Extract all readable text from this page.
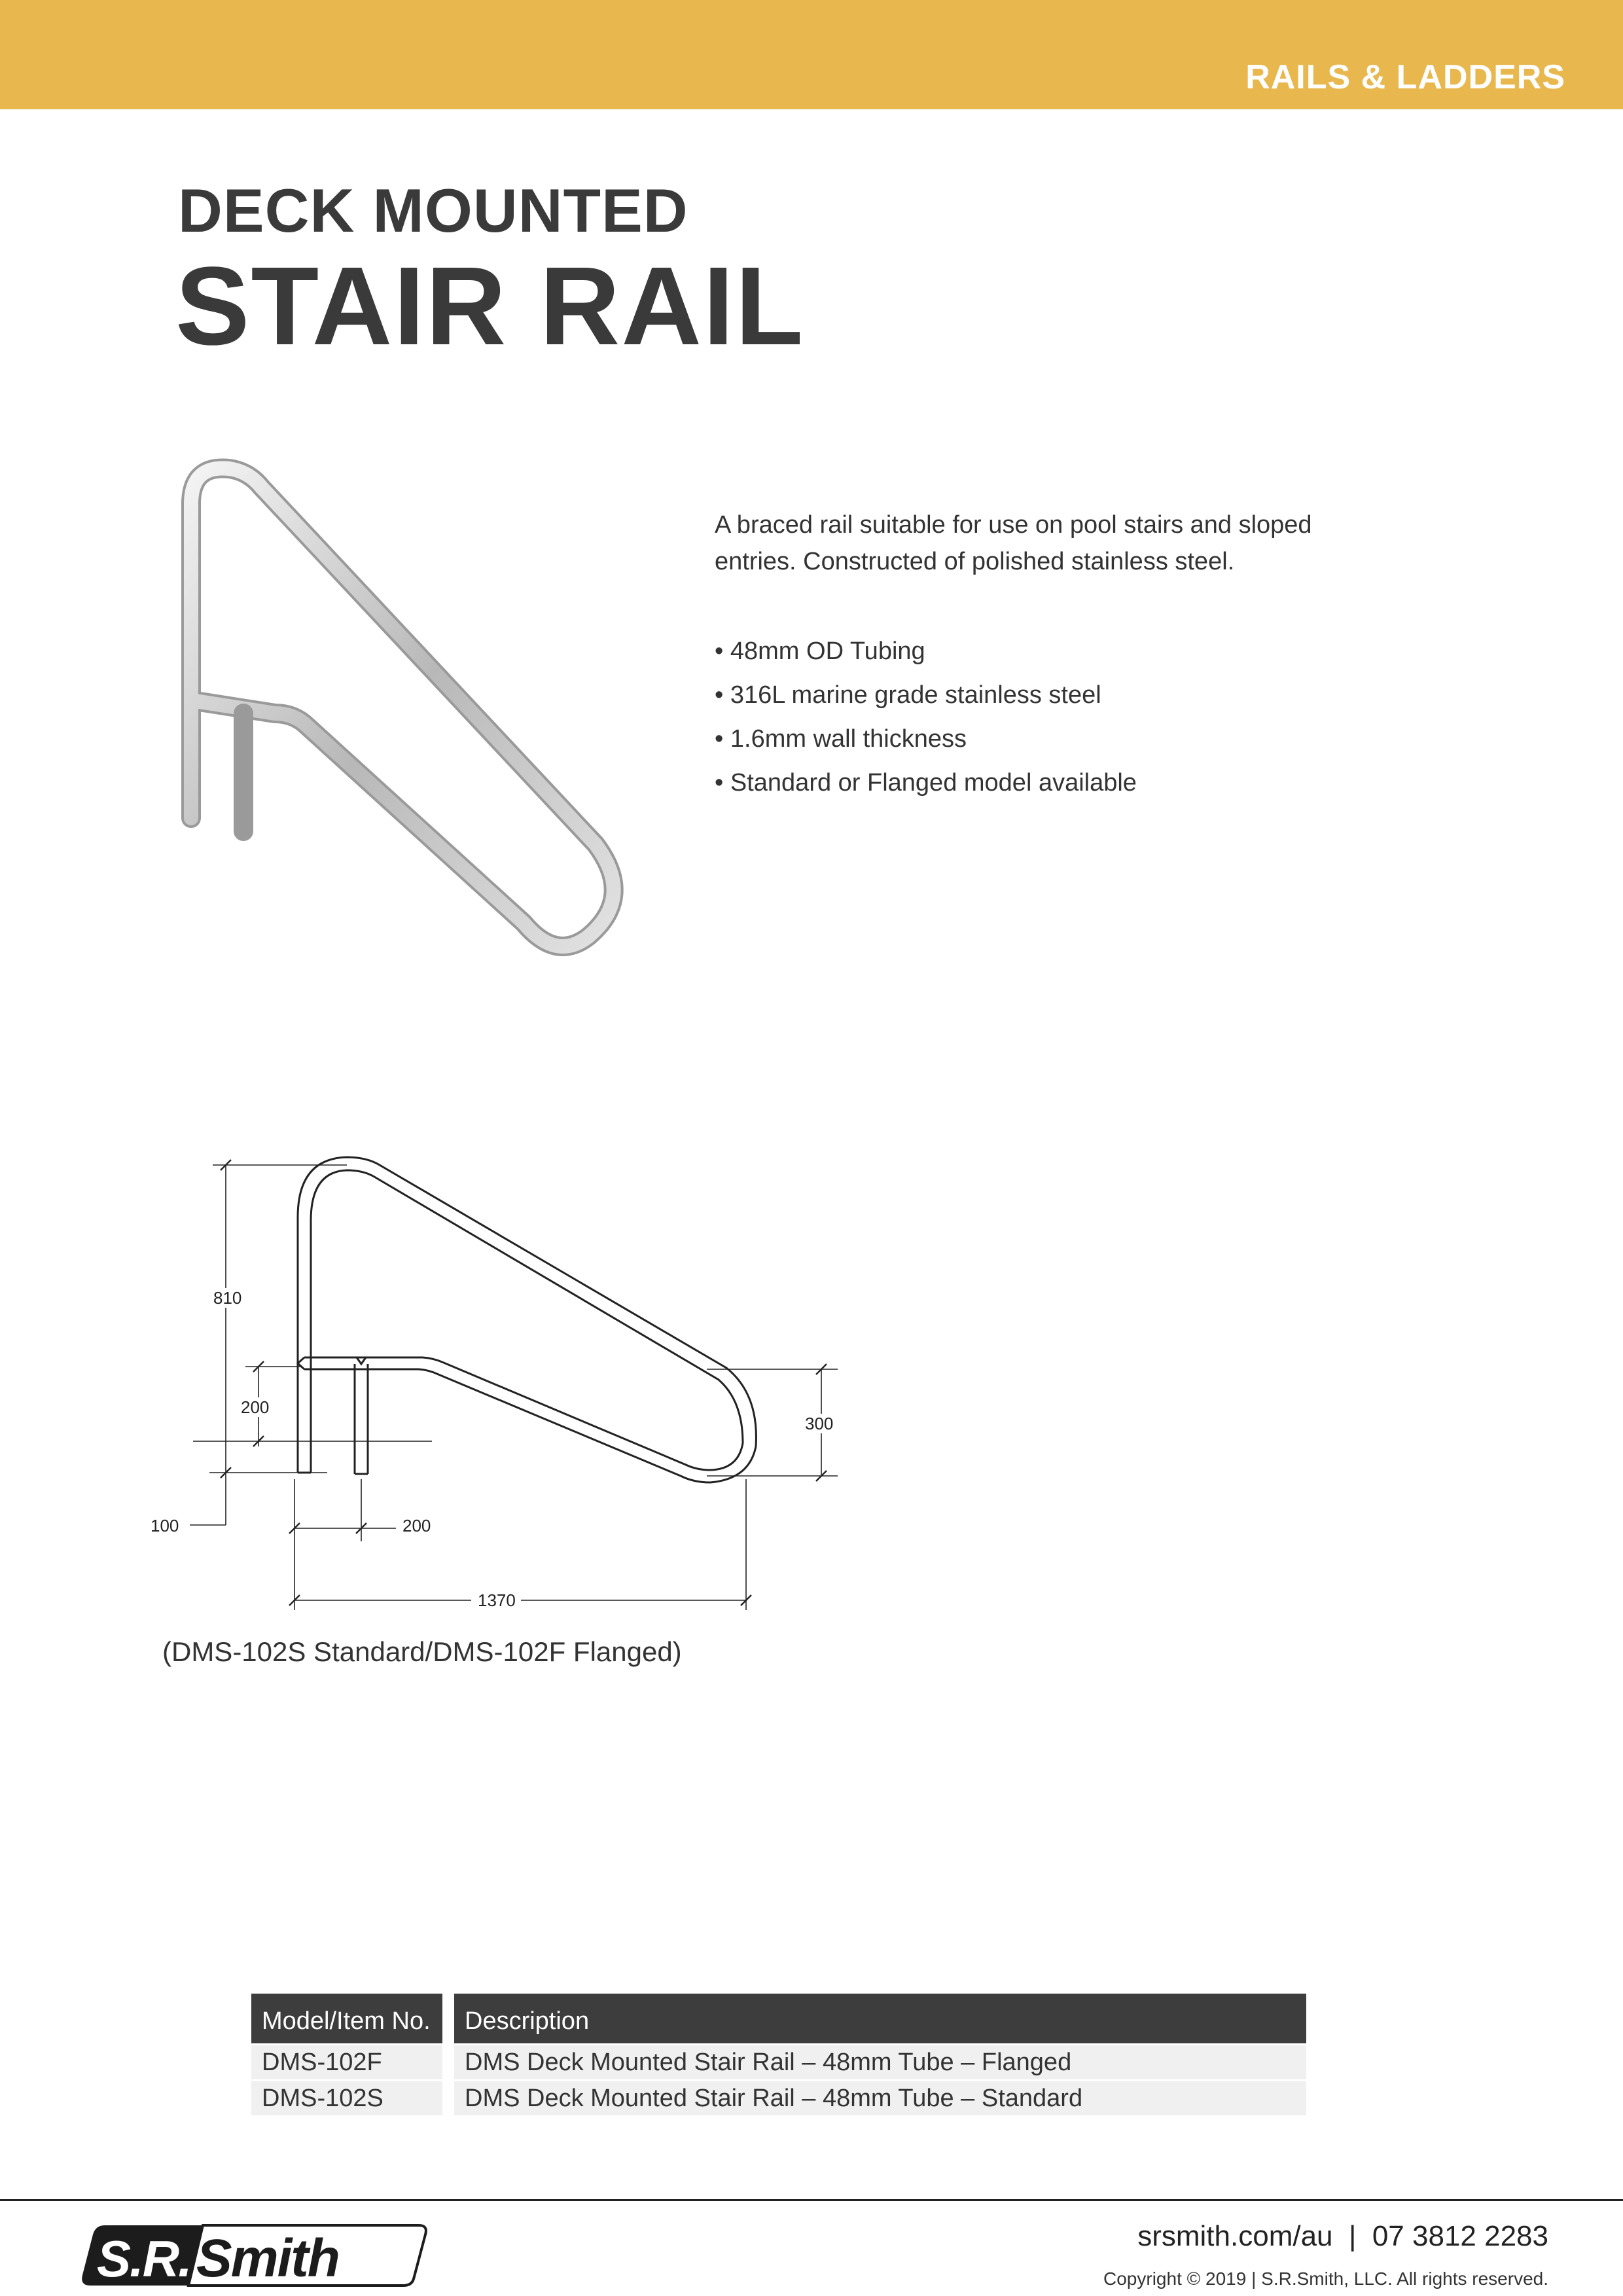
RAILS & LADDERS
DECK MOUNTED
STAIR RAIL
A braced rail suitable for use on pool stairs and sloped
entries. Constructed of polished stainless steel.
• 48mm OD Tubing
• 316L marine grade stainless steel
• 1.6mm wall thickness
• Standard or Flanged model available
810
200
300
100	200
1370
(DMS-102S Standard/DMS-102F Flanged)
Model/Item No.	Description
DMS-102F	DMS Deck Mounted Stair Rail – 48mm Tube – Flanged
DMS-102S	DMS Deck Mounted Stair Rail – 48mm Tube – Standard
S.R. Smith	srsmith.com/au  |  07 3812 2283
Copyright © 2019 | S.R.Smith, LLC. All rights reserved.
